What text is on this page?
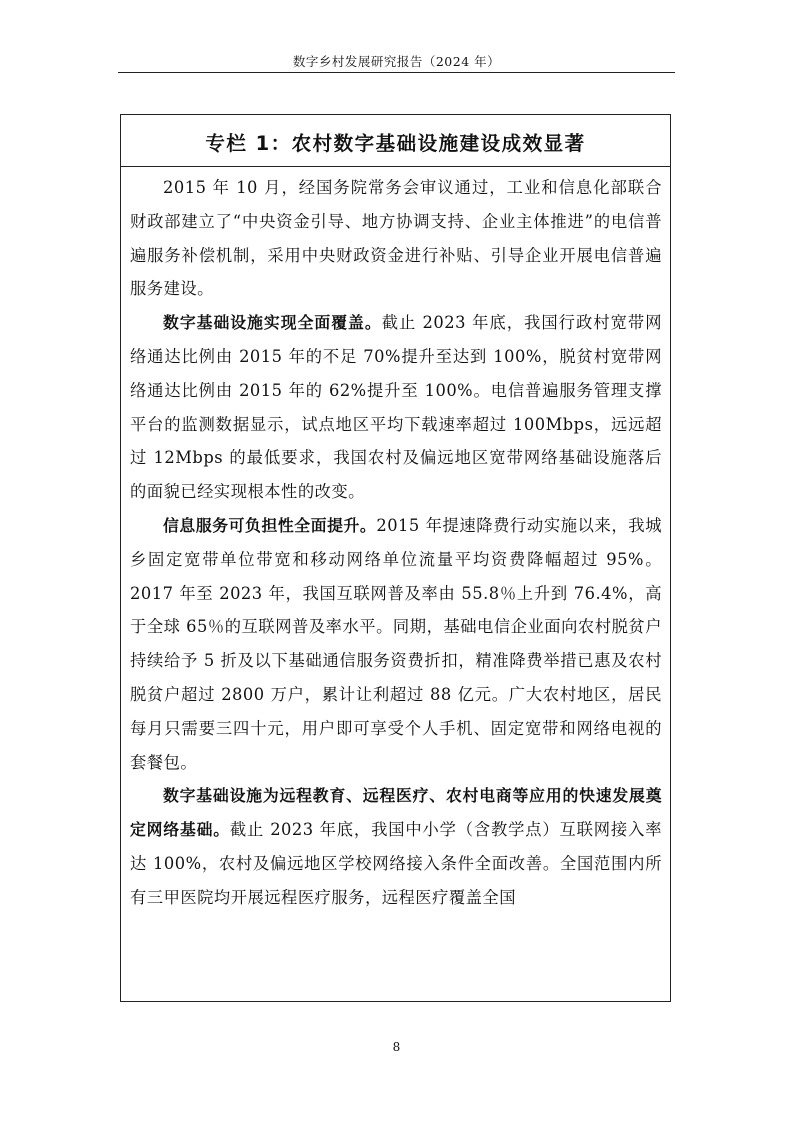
数字乡村发展研究报告（2024 年）
专栏 1：农村数字基础设施建设成效显著

2015 年 10 月，经国务院常务会审议通过，工业和信息化部联合财政部建立了“中央资金引导、地方协调支持、企业主体推进”的电信普遍服务补偿机制，采用中央财政资金进行补贴、引导企业开展电信普遍服务建设。

数字基础设施实现全面覆盖。截止 2023 年底，我国行政村宽带网络通达比例由 2015 年的不足 70%提升至达到 100%，脱贫村宽带网络通达比例由 2015 年的 62%提升至 100%。电信普遍服务管理支撑平台的监测数据显示，试点地区平均下载速率超过 100Mbps，远远超过 12Mbps 的最低要求，我国农村及偏远地区宽带网络基础设施落后的面貌已经实现根本性的改变。

信息服务可负担性全面提升。2015 年提速降费行动实施以来，我城乡固定宽带单位带宽和移动网络单位流量平均资费降幅超过 95%。2017 年至 2023 年，我国互联网普及率由 55.8％上升到 76.4%，高于全球 65％的互联网普及率水平。同期，基础电信企业面向农村脱贫户持续给予 5 折及以下基础通信服务资费折扣，精准降费举措已惠及农村脱贫户超过 2800 万户，累计让利超过 88 亿元。广大农村地区，居民每月只需要三四十元，用户即可享受个人手机、固定宽带和网络电视的套餐包。

数字基础设施为远程教育、远程医疗、农村电商等应用的快速发展奠定网络基础。截止 2023 年底，我国中小学（含教学点）互联网接入率达 100%，农村及偏远地区学校网络接入条件全面改善。全国范围内所有三甲医院均开展远程医疗服务，远程医疗覆盖全国

8
